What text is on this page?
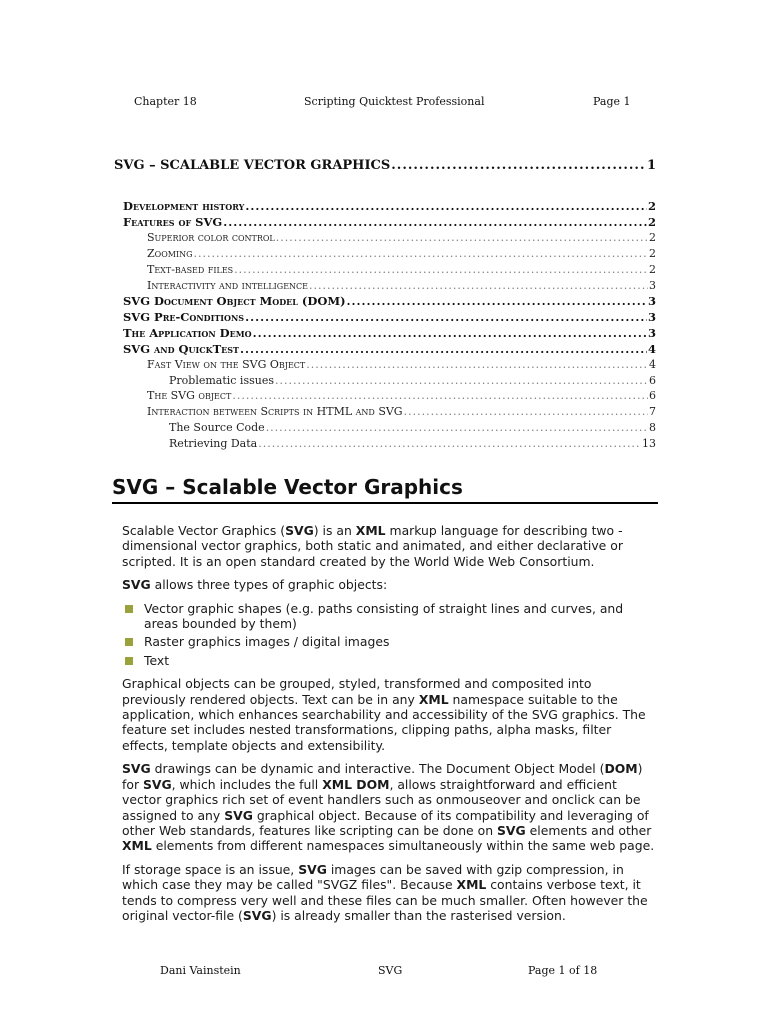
Chapter 18	Scripting Quicktest Professional	Page 1
SVG – SCALABLE VECTOR GRAPHICS .....	1
Development history .....	2
Features of SVG .....	2
Superior color control .....	2
Zooming .....	2
Text-based files .....	2
Interactivity and intelligence .....	3
SVG Document Object Model (DOM) .....	3
SVG Pre-Conditions .....	3
The Application Demo .....	3
SVG and QuickTest .....	4
Fast View on the SVG Object .....	4
Problematic issues .....	6
The SVG object .....	6
Interaction between Scripts in HTML and SVG .....	7
The Source Code .....	8
Retrieving Data .....	13
SVG – Scalable Vector Graphics

Scalable Vector Graphics (SVG) is an XML markup language for describing two - dimensional vector graphics, both static and animated, and either declarative or scripted. It is an open standard created by the World Wide Web Consortium.

SVG allows three types of graphic objects:

Vector graphic shapes (e.g. paths consisting of straight lines and curves, and areas bounded by them)
Raster graphics images / digital images
Text

Graphical objects can be grouped, styled, transformed and composited into previously rendered objects. Text can be in any XML namespace suitable to the application, which enhances searchability and accessibility of the SVG graphics. The feature set includes nested transformations, clipping paths, alpha masks, filter effects, template objects and extensibility.

SVG drawings can be dynamic and interactive. The Document Object Model (DOM) for SVG, which includes the full XML DOM, allows straightforward and efficient vector graphics rich set of event handlers such as onmouseover and onclick can be assigned to any SVG graphical object. Because of its compatibility and leveraging of other Web standards, features like scripting can be done on SVG elements and other XML elements from different namespaces simultaneously within the same web page.

If storage space is an issue, SVG images can be saved with gzip compression, in which case they may be called "SVGZ files". Because XML contains verbose text, it tends to compress very well and these files can be much smaller. Often however the original vector-file (SVG) is already smaller than the rasterised version.

Dani Vainstein	SVG	Page 1 of 18
